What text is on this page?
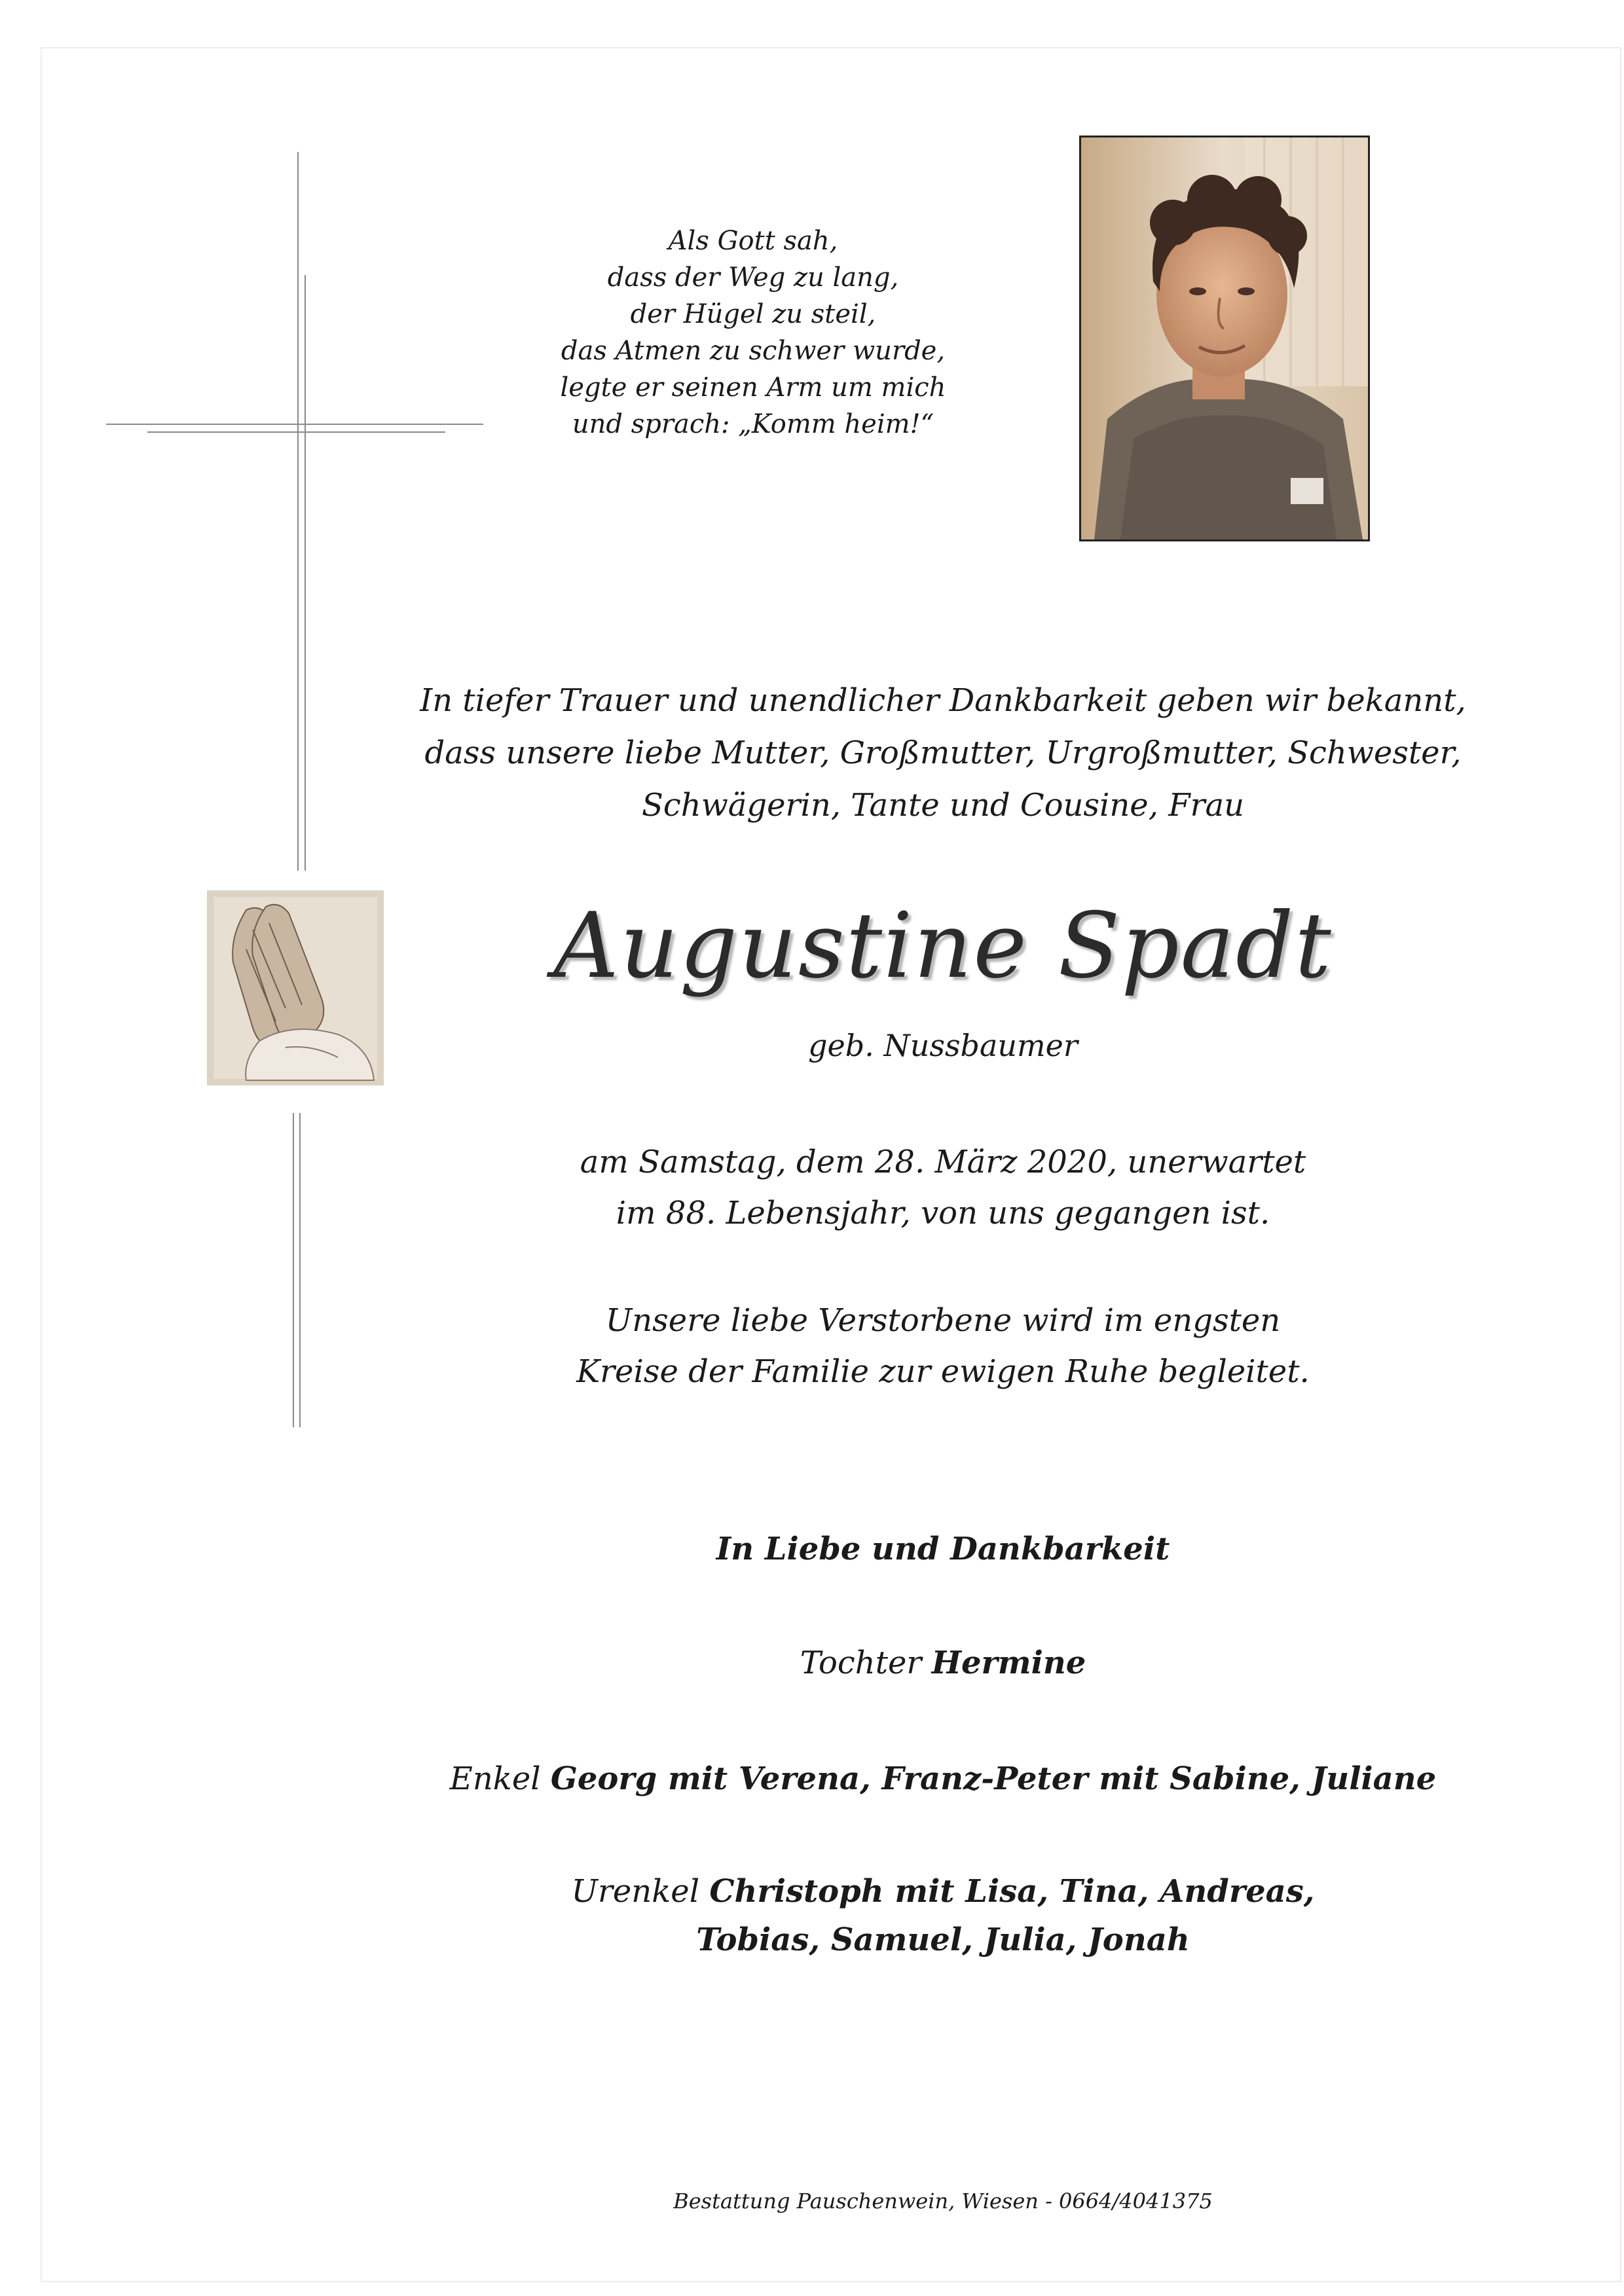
Als Gott sah,
dass der Weg zu lang,
der Hügel zu steil,
das Atmen zu schwer wurde,
legte er seinen Arm um mich
und sprach: „Komm heim!“
In tiefer Trauer und unendlicher Dankbarkeit geben wir bekannt,
dass unsere liebe Mutter, Großmutter, Urgroßmutter, Schwester,
Schwägerin, Tante und Cousine, Frau
Augustine Spadt
geb. Nussbaumer
am Samstag, dem 28. März 2020, unerwartet
im 88. Lebensjahr, von uns gegangen ist.
Unsere liebe Verstorbene wird im engsten
Kreise der Familie zur ewigen Ruhe begleitet.
In Liebe und Dankbarkeit
Tochter Hermine
Enkel Georg mit Verena, Franz-Peter mit Sabine, Juliane
Urenkel Christoph mit Lisa, Tina, Andreas,
Tobias, Samuel, Julia, Jonah
Bestattung Pauschenwein, Wiesen - 0664/4041375
